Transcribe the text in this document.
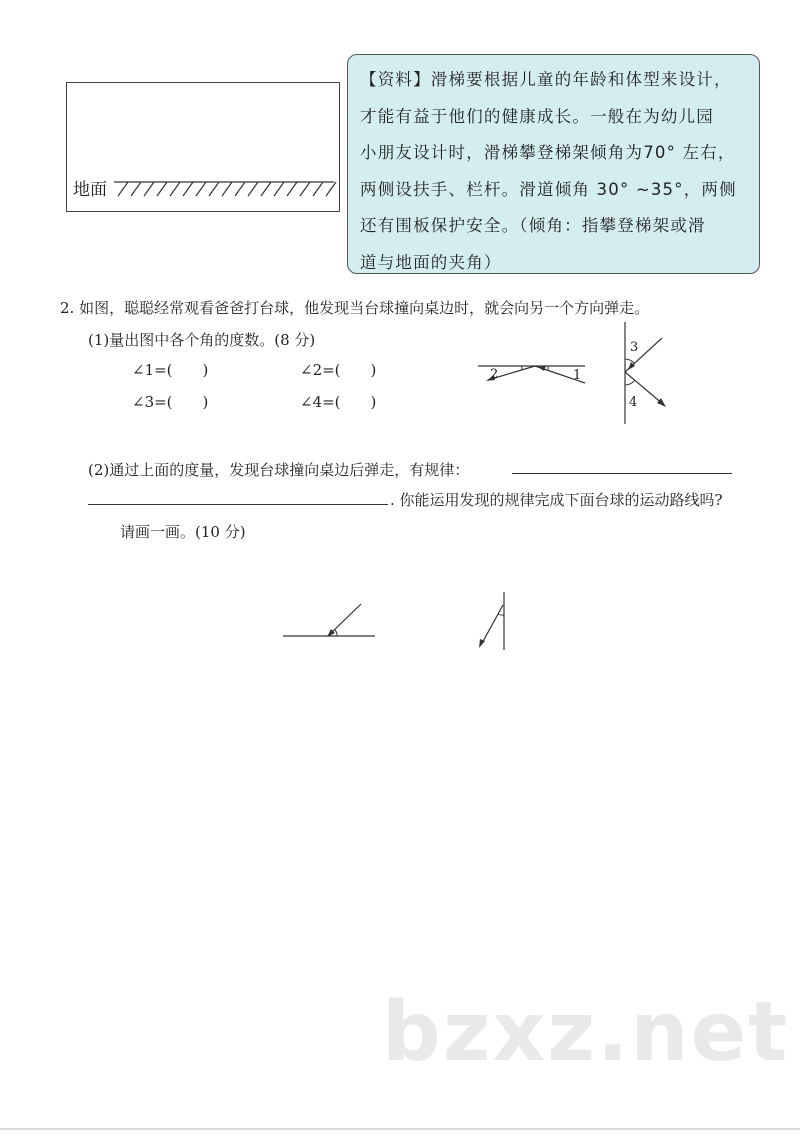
地面
【资料】滑梯要根据儿童的年龄和体型来设计，
才能有益于他们的健康成长。一般在为幼儿园
小朋友设计时，滑梯攀登梯架倾角为70° 左右，
两侧设扶手、栏杆。滑道倾角 30° ~35°，两侧
还有围板保护安全。（倾角：指攀登梯架或滑
道与地面的夹角）
2. 如图，聪聪经常观看爸爸打台球，他发现当台球撞向桌边时，就会向另一个方向弹走。
(1)量出图中各个角的度数。(8 分)
∠1=(　　)	∠2=(　　)
∠3=(　　)	∠4=(　　)
1
2
3
4
(2)通过上面的度量，发现台球撞向桌边后弹走，有规律：
. 你能运用发现的规律完成下面台球的运动路线吗?
请画一画。(10 分)
bzxz.net
